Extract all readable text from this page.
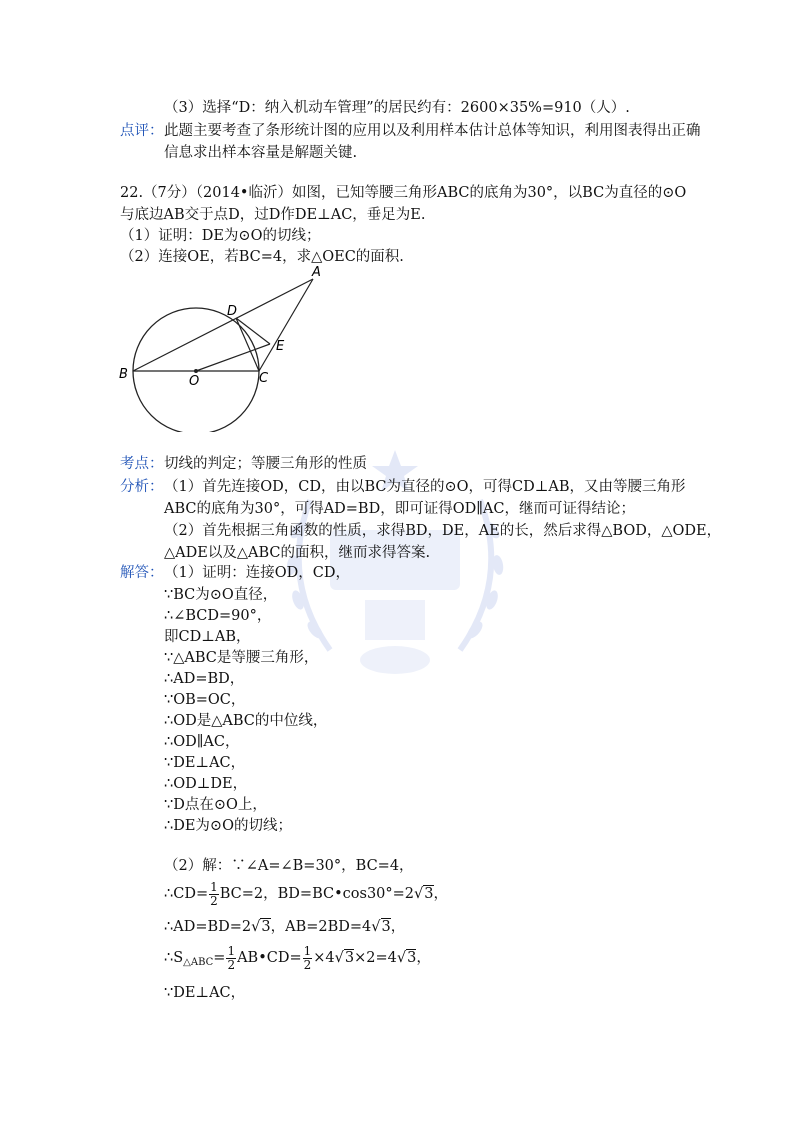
（3）选择“D：纳入机动车管理”的居民约有：2600×35%=910（人）.
点评： 此题主要考查了条形统计图的应用以及利用样本估计总体等知识，利用图表得出正确
信息求出样本容量是解题关键.
22.（7分）（2014•临沂）如图，已知等腰三角形ABC的底角为30°，以BC为直径的⊙O
与底边AB交于点D，过D作DE⊥AC，垂足为E.
（1）证明：DE为⊙O的切线；
（2）连接OE，若BC=4，求△OEC的面积.
A
B	C
D
E
O
考点： 切线的判定；等腰三角形的性质
分析： （1）首先连接OD，CD，由以BC为直径的⊙O，可得CD⊥AB，又由等腰三角形
ABC的底角为30°，可得AD=BD，即可证得OD∥AC，继而可证得结论；
（2）首先根据三角函数的性质，求得BD，DE，AE的长，然后求得△BOD，△ODE，
△ADE以及△ABC的面积，继而求得答案.
解答： （1）证明：连接OD，CD，
∵BC为⊙O直径，
∴∠BCD=90°，
即CD⊥AB，
∵△ABC是等腰三角形，
∴AD=BD，
∵OB=OC，
∴OD是△ABC的中位线，
∴OD∥AC，
∵DE⊥AC，
∴OD⊥DE，
∵D点在⊙O上，
∴DE为⊙O的切线；
（2）解：∵∠A=∠B=30°，BC=4，
∴CD= $\frac{1}{2} BC=2$，BD=BC•cos30°=2√3，
∴AD=BD=2√3，AB=2BD=4√3，
$\therefore S_{\triangle ABC}= \frac{1}{2}$ AB•CD= $\frac{1}{2} \times 4√3\times 2=4√3$，
∵DE⊥AC，
